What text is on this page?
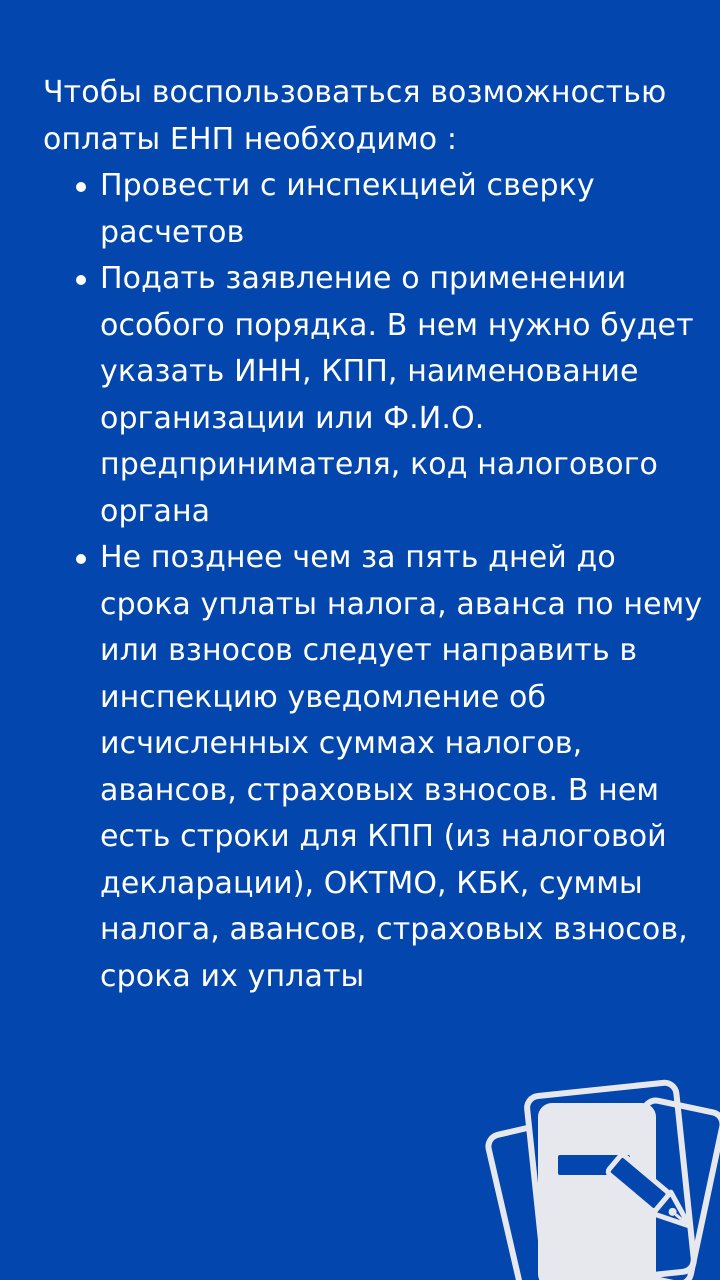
Чтобы воспользоваться возможностью оплаты ЕНП необходимо :

Провести с инспекцией сверку расчетов
Подать заявление о применении особого порядка. В нем нужно будет указать ИНН, КПП, наименование организации или Ф.И.О. предпринимателя, код налогового органа
Не позднее чем за пять дней до срока уплаты налога, аванса по нему или взносов следует направить в инспекцию уведомление об исчисленных суммах налогов, авансов, страховых взносов. В нем есть строки для КПП (из налоговой декларации), ОКТМО, КБК, суммы налога, авансов, страховых взносов, срока их уплаты
